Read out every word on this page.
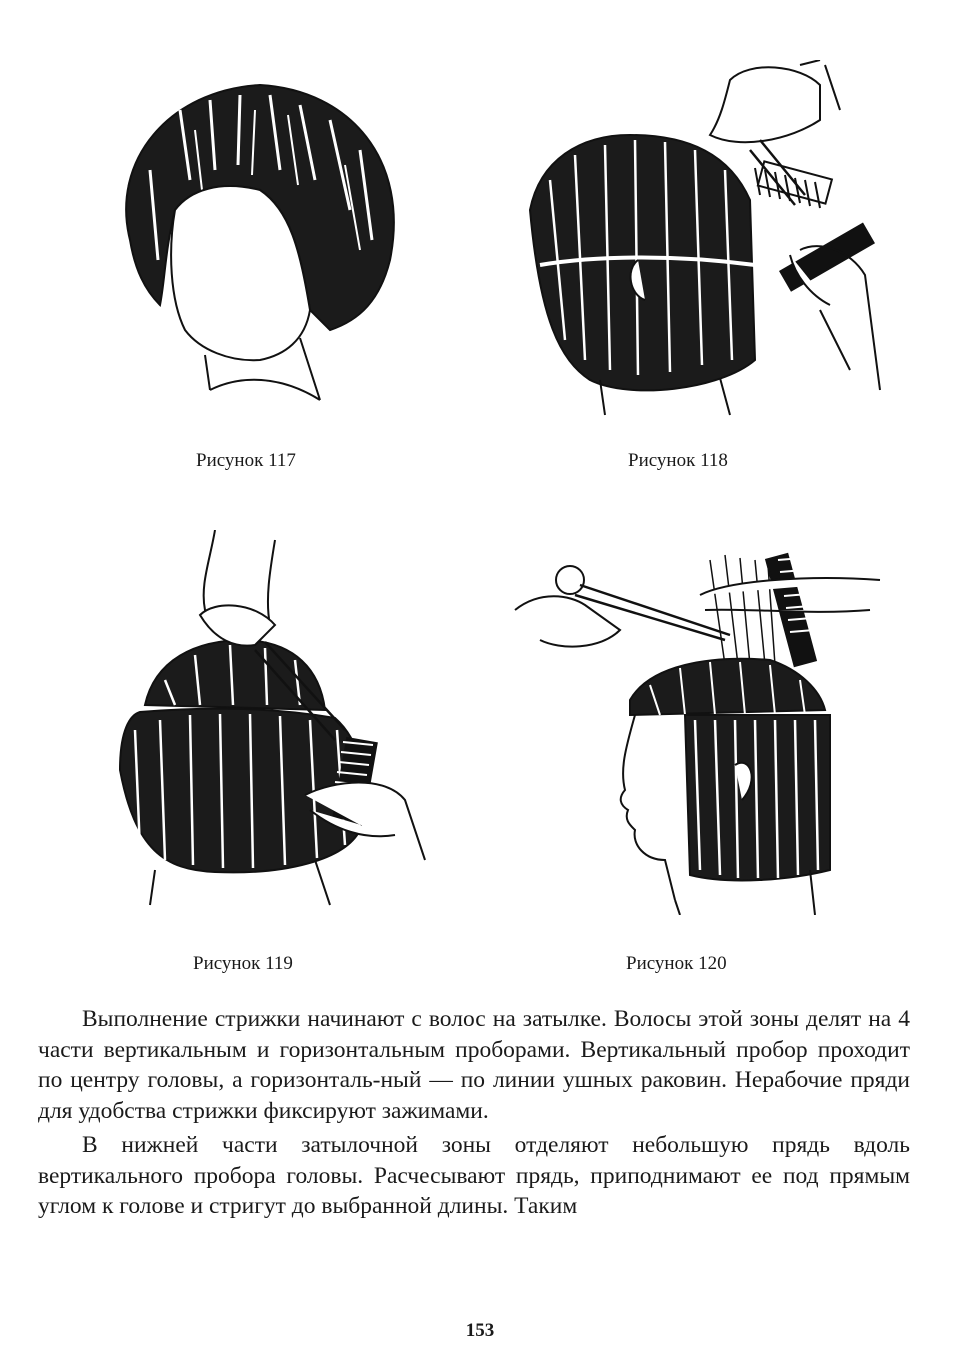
Рисунок 117	Рисунок 118
Рисунок 119	Рисунок 120

Выполнение стрижки начинают с волос на затылке. Волосы этой зоны делят на 4 части вертикальным и горизонтальным проборами. Вертикальный пробор проходит по центру головы, а горизонталь-ный — по линии ушных раковин. Нерабочие пряди для удобства стрижки фиксируют зажимами.

В нижней части затылочной зоны отделяют небольшую прядь вдоль вертикального пробора головы. Расчесывают прядь, приподнимают ее под прямым углом к голове и стригут до выбранной длины. Таким

153
